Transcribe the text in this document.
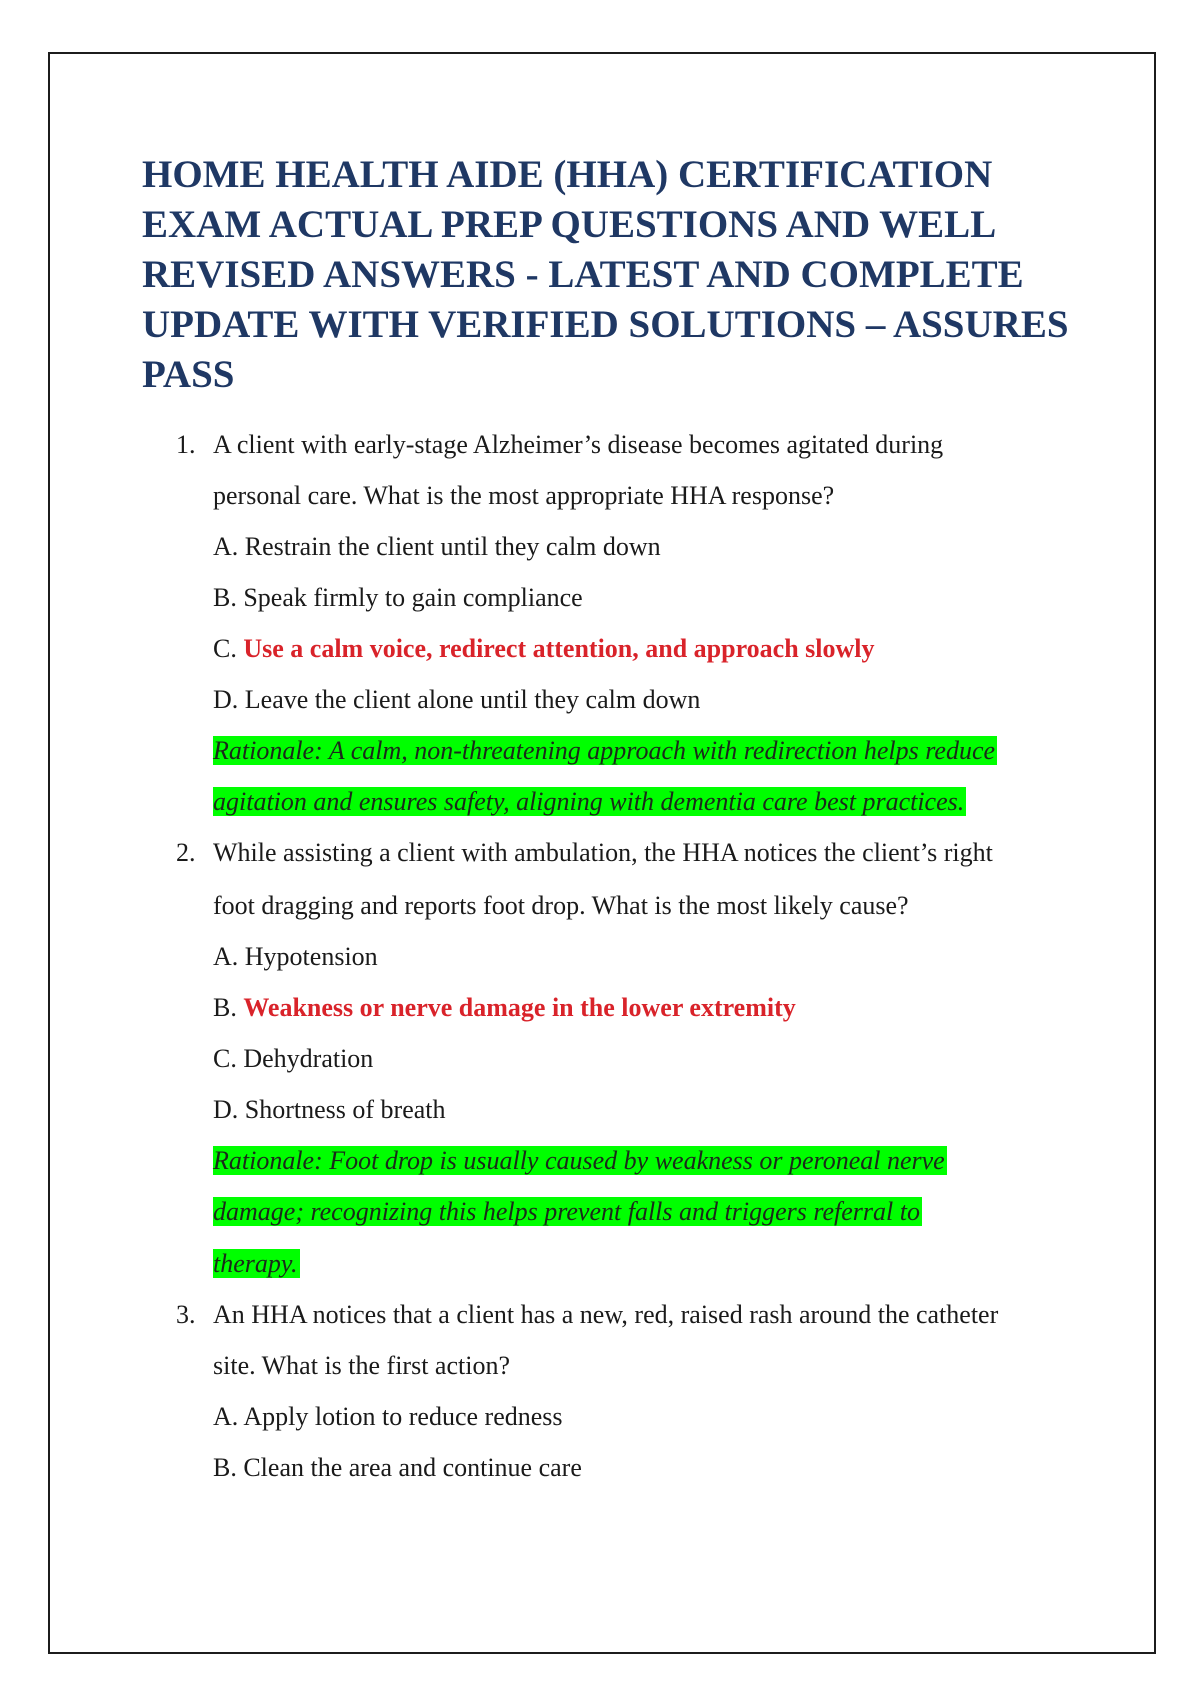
HOME HEALTH AIDE (HHA) CERTIFICATION EXAM ACTUAL PREP QUESTIONS AND WELL REVISED ANSWERS - LATEST AND COMPLETE UPDATE WITH VERIFIED SOLUTIONS – ASSURES PASS
1. A client with early-stage Alzheimer’s disease becomes agitated during
personal care. What is the most appropriate HHA response?
A. Restrain the client until they calm down
B. Speak firmly to gain compliance
C. Use a calm voice, redirect attention, and approach slowly
D. Leave the client alone until they calm down
Rationale: A calm, non-threatening approach with redirection helps reduce
agitation and ensures safety, aligning with dementia care best practices.
2. While assisting a client with ambulation, the HHA notices the client’s right
foot dragging and reports foot drop. What is the most likely cause?
A. Hypotension
B. Weakness or nerve damage in the lower extremity
C. Dehydration
D. Shortness of breath
Rationale: Foot drop is usually caused by weakness or peroneal nerve
damage; recognizing this helps prevent falls and triggers referral to
therapy.
3. An HHA notices that a client has a new, red, raised rash around the catheter
site. What is the first action?
A. Apply lotion to reduce redness
B. Clean the area and continue care
